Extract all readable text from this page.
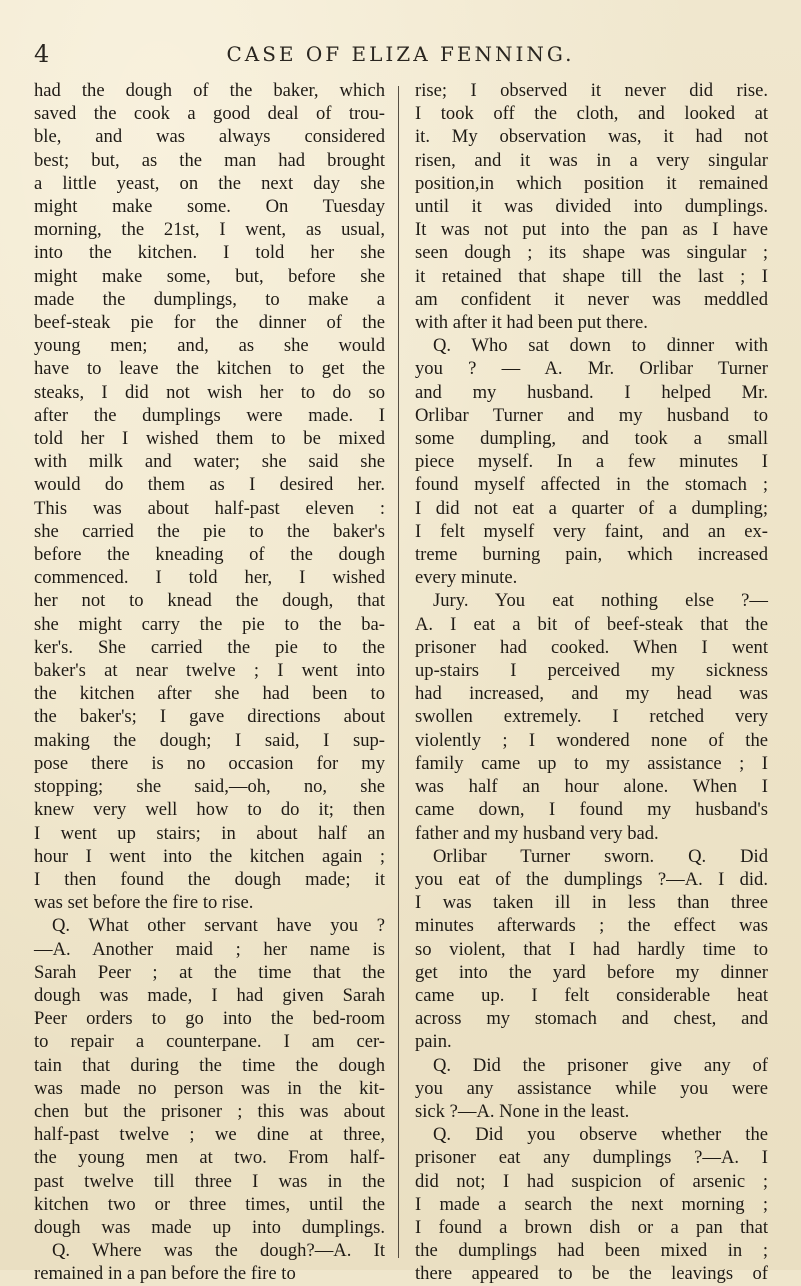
4	CASE OF ELIZA FENNING.
had the dough of the baker, which
saved the cook a good deal of trou-
ble, and was always considered
best; but, as the man had brought
a little yeast, on the next day she
might make some. On Tuesday
morning, the 21st, I went, as usual,
into the kitchen. I told her she
might make some, but, before she
made the dumplings, to make a
beef-steak pie for the dinner of the
young men; and, as she would
have to leave the kitchen to get the
steaks, I did not wish her to do so
after the dumplings were made. I
told her I wished them to be mixed
with milk and water; she said she
would do them as I desired her.
This was about half-past eleven :
she carried the pie to the baker's
before the kneading of the dough
commenced. I told her, I wished
her not to knead the dough, that
she might carry the pie to the ba-
ker's. She carried the pie to the
baker's at near twelve ; I went into
the kitchen after she had been to
the baker's; I gave directions about
making the dough; I said, I sup-
pose there is no occasion for my
stopping; she said,—oh, no, she
knew very well how to do it; then
I went up stairs; in about half an
hour I went into the kitchen again ;
I then found the dough made; it
was set before the fire to rise.
Q. What other servant have you ?
—A. Another maid ; her name is
Sarah Peer ; at the time that the
dough was made, I had given Sarah
Peer orders to go into the bed-room
to repair a counterpane. I am cer-
tain that during the time the dough
was made no person was in the kit-
chen but the prisoner ; this was about
half-past twelve ; we dine at three,
the young men at two. From half-
past twelve till three I was in the
kitchen two or three times, until the
dough was made up into dumplings.
Q. Where was the dough?—A. It
remained in a pan before the fire to
rise; I observed it never did rise.
I took off the cloth, and looked at
it. My observation was, it had not
risen, and it was in a very singular
position,in which position it remained
until it was divided into dumplings.
It was not put into the pan as I have
seen dough ; its shape was singular ;
it retained that shape till the last ; I
am confident it never was meddled
with after it had been put there.
Q. Who sat down to dinner with
you ? — A. Mr. Orlibar Turner
and my husband. I helped Mr.
Orlibar Turner and my husband to
some dumpling, and took a small
piece myself. In a few minutes I
found myself affected in the stomach ;
I did not eat a quarter of a dumpling;
I felt myself very faint, and an ex-
treme burning pain, which increased
every minute.
Jury. You eat nothing else ?—
A. I eat a bit of beef-steak that the
prisoner had cooked. When I went
up-stairs I perceived my sickness
had increased, and my head was
swollen extremely. I retched very
violently ; I wondered none of the
family came up to my assistance ; I
was half an hour alone. When I
came down, I found my husband's
father and my husband very bad.
Orlibar Turner sworn. Q. Did
you eat of the dumplings ?—A. I did.
I was taken ill in less than three
minutes afterwards ; the effect was
so violent, that I had hardly time to
get into the yard before my dinner
came up. I felt considerable heat
across my stomach and chest, and
pain.
Q. Did the prisoner give any of
you any assistance while you were
sick ?—A. None in the least.
Q. Did you observe whether the
prisoner eat any dumplings ?—A. I
did not; I had suspicion of arsenic ;
I made a search the next morning ;
I found a brown dish or a pan that
the dumplings had been mixed in ;
there appeared to be the leavings of
